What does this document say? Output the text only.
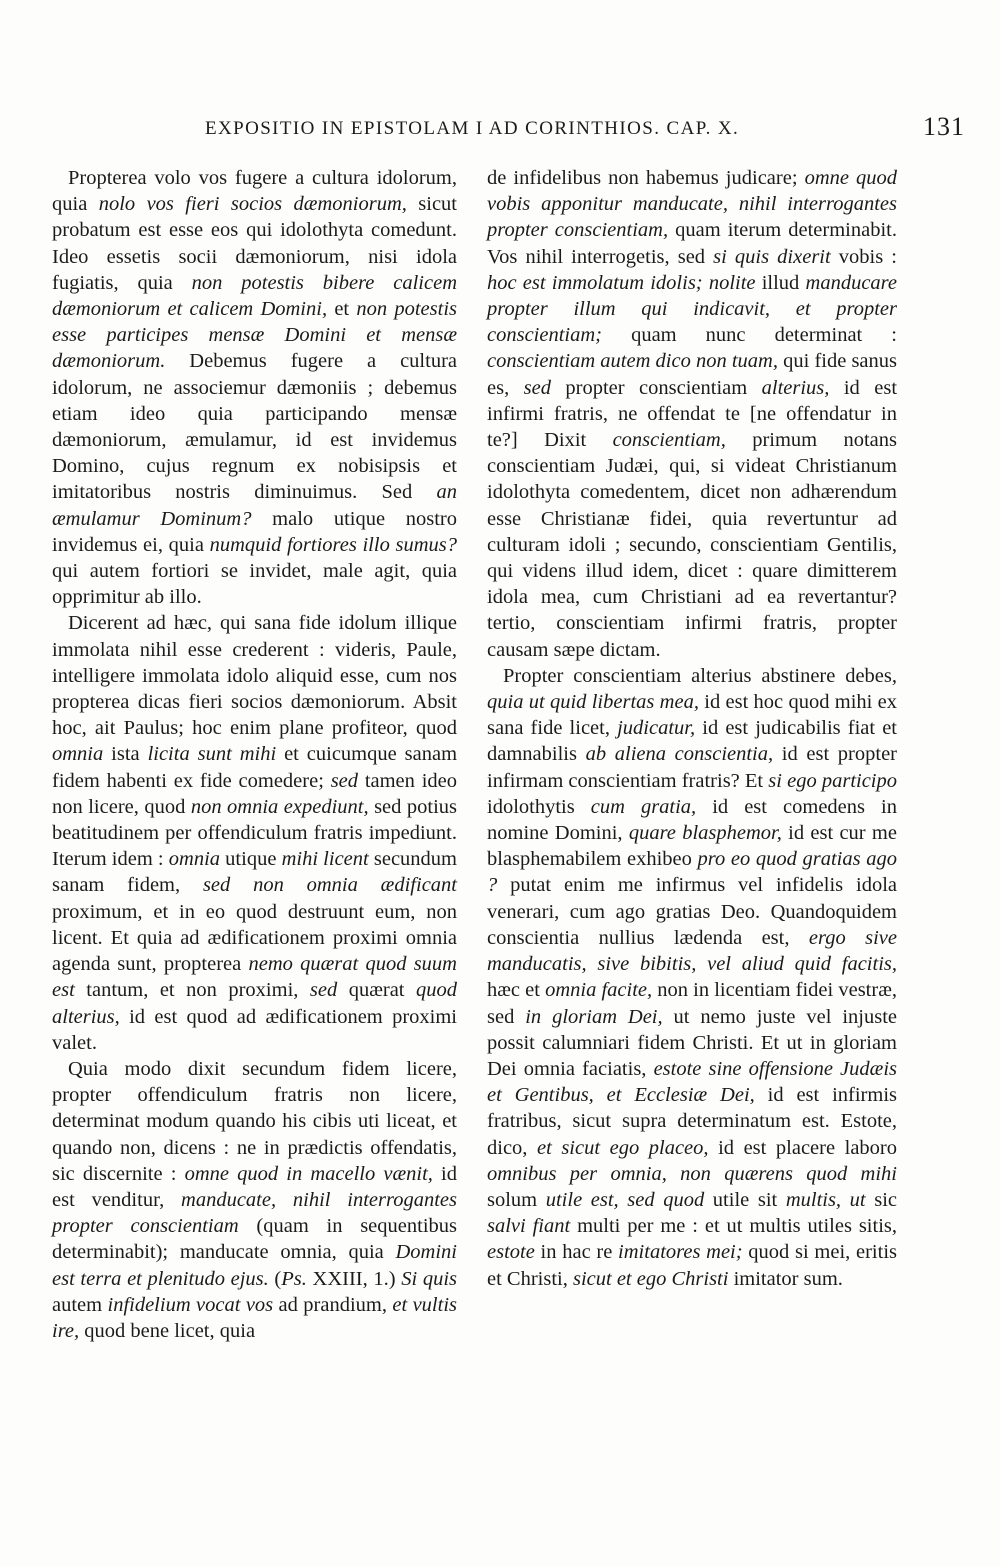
EXPOSITIO IN EPISTOLAM I AD CORINTHIOS. CAP. X.	131

Propterea volo vos fugere a cultura idolorum, quia nolo vos fieri socios dæmoniorum, sicut probatum est esse eos qui idolothyta comedunt. Ideo essetis socii dæmoniorum, nisi idola fugiatis, quia non potestis bibere calicem dæmoniorum et calicem Domini, et non potestis esse participes mensæ Domini et mensæ dæmoniorum. Debemus fugere a cultura idolorum, ne associemur dæmoniis ; debemus etiam ideo quia participando mensæ dæmoniorum, æmulamur, id est invidemus Domino, cujus regnum ex nobisipsis et imitatoribus nostris diminuimus. Sed an æmulamur Dominum? malo utique nostro invidemus ei, quia numquid fortiores illo sumus? qui autem fortiori se invidet, male agit, quia opprimitur ab illo.

Dicerent ad hæc, qui sana fide idolum illique immolata nihil esse crederent : videris, Paule, intelligere immolata idolo aliquid esse, cum nos propterea dicas fieri socios dæmoniorum. Absit hoc, ait Paulus; hoc enim plane profiteor, quod omnia ista licita sunt mihi et cuicumque sanam fidem habenti ex fide comedere; sed tamen ideo non licere, quod non omnia expediunt, sed potius beatitudinem per offendiculum fratris impediunt. Iterum idem : omnia utique mihi licent secundum sanam fidem, sed non omnia ædificant proximum, et in eo quod destruunt eum, non licent. Et quia ad ædificationem proximi omnia agenda sunt, propterea nemo quærat quod suum est tantum, et non proximi, sed quærat quod alterius, id est quod ad ædificationem proximi valet.

Quia modo dixit secundum fidem licere, propter offendiculum fratris non licere, determinat modum quando his cibis uti liceat, et quando non, dicens : ne in prædictis offendatis, sic discernite : omne quod in macello vænit, id est venditur, manducate, nihil interrogantes propter conscientiam (quam in sequentibus determinabit); manducate omnia, quia Domini est terra et plenitudo ejus. (Ps. XXIII, 1.) Si quis autem infidelium vocat vos ad prandium, et vultis ire, quod bene licet, quia

de infidelibus non habemus judicare; omne quod vobis apponitur manducate, nihil interrogantes propter conscientiam, quam iterum determinabit. Vos nihil interrogetis, sed si quis dixerit vobis : hoc est immolatum idolis; nolite illud manducare propter illum qui indicavit, et propter conscientiam; quam nunc determinat : conscientiam autem dico non tuam, qui fide sanus es, sed propter conscientiam alterius, id est infirmi fratris, ne offendat te [ne offendatur in te?] Dixit conscientiam, primum notans conscientiam Judæi, qui, si videat Christianum idolothyta comedentem, dicet non adhærendum esse Christianæ fidei, quia revertuntur ad culturam idoli ; secundo, conscientiam Gentilis, qui videns illud idem, dicet : quare dimitterem idola mea, cum Christiani ad ea revertantur? tertio, conscientiam infirmi fratris, propter causam sæpe dictam.

Propter conscientiam alterius abstinere debes, quia ut quid libertas mea, id est hoc quod mihi ex sana fide licet, judicatur, id est judicabilis fiat et damnabilis ab aliena conscientia, id est propter infirmam conscientiam fratris? Et si ego participo idolothytis cum gratia, id est comedens in nomine Domini, quare blasphemor, id est cur me blasphemabilem exhibeo pro eo quod gratias ago ? putat enim me infirmus vel infidelis idola venerari, cum ago gratias Deo. Quandoquidem conscientia nullius lædenda est, ergo sive manducatis, sive bibitis, vel aliud quid facitis, hæc et omnia facite, non in licentiam fidei vestræ, sed in gloriam Dei, ut nemo juste vel injuste possit calumniari fidem Christi. Et ut in gloriam Dei omnia faciatis, estote sine offensione Judæis et Gentibus, et Ecclesiæ Dei, id est infirmis fratribus, sicut supra determinatum est. Estote, dico, et sicut ego placeo, id est placere laboro omnibus per omnia, non quærens quod mihi solum utile est, sed quod utile sit multis, ut sic salvi fiant multi per me : et ut multis utiles sitis, estote in hac re imitatores mei; quod si mei, eritis et Christi, sicut et ego Christi imitator sum.
